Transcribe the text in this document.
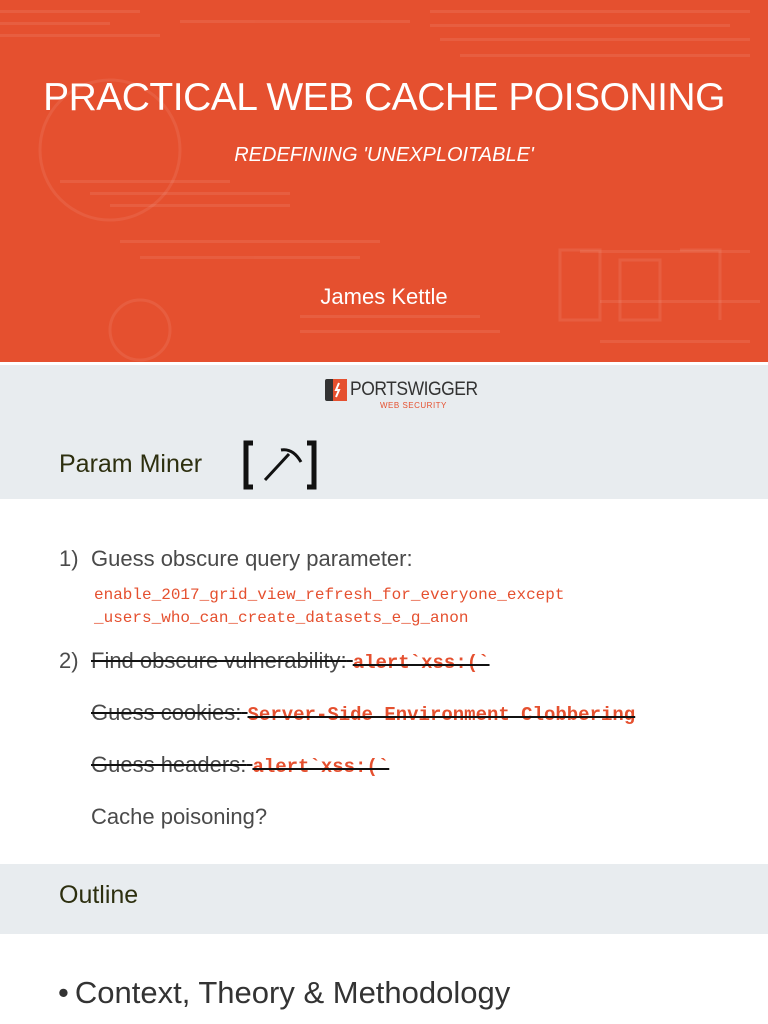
PRACTICAL WEB CACHE POISONING
REDEFINING 'UNEXPLOITABLE'
James Kettle
PORTSWIGGER
WEB SECURITY
Param Miner
1) Guess obscure query parameter:
enable_2017_grid_view_refresh_for_everyone_except
_users_who_can_create_datasets_e_g_anon
2) Find obscure vulnerability: alert`xss:(`
Guess cookies: Server-Side Environment Clobbering
Guess headers: alert`xss:(`
Cache poisoning?
Outline
• Context, Theory & Methodology
